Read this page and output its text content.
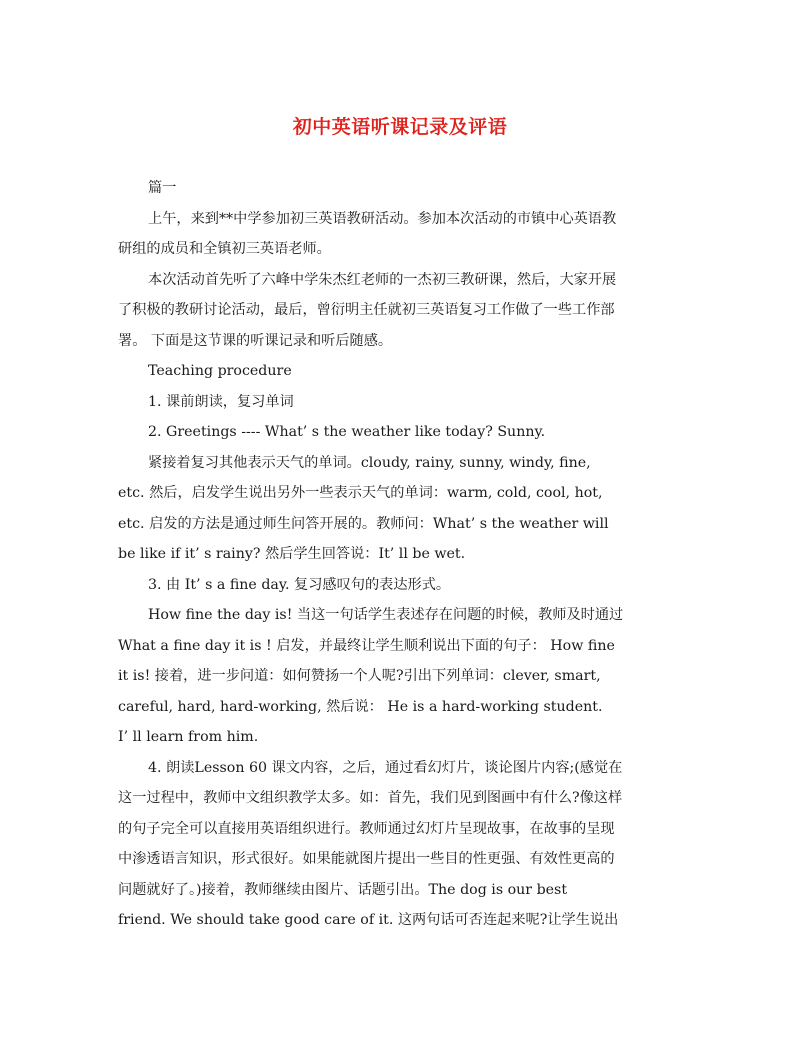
初中英语听课记录及评语
篇一
上午，来到**中学参加初三英语教研活动。参加本次活动的市镇中心英语教
研组的成员和全镇初三英语老师。
本次活动首先听了六峰中学朱杰红老师的一杰初三教研课，然后，大家开展
了积极的教研讨论活动，最后，曾衍明主任就初三英语复习工作做了一些工作部
署。 下面是这节课的听课记录和听后随感。
Teaching procedure
1. 课前朗读，复习单词
2. Greetings ---- What’ s the weather like today? Sunny.
紧接着复习其他表示天气的单词。cloudy, rainy, sunny, windy, fine,
etc. 然后，启发学生说出另外一些表示天气的单词：warm, cold, cool, hot,
etc. 启发的方法是通过师生问答开展的。教师问：What’ s the weather will
be like if it’ s rainy? 然后学生回答说：It’ ll be wet.
3. 由 It’ s a fine day. 复习感叹句的表达形式。
How fine the day is! 当这一句话学生表述存在问题的时候，教师及时通过
What a fine day it is ! 启发，并最终让学生顺利说出下面的句子： How fine
it is! 接着，进一步问道：如何赞扬一个人呢?引出下列单词：clever, smart,
careful, hard, hard-working, 然后说： He is a hard-working student.
I’ ll learn from him.
4. 朗读Lesson 60 课文内容，之后，通过看幻灯片，谈论图片内容;(感觉在
这一过程中，教师中文组织教学太多。如：首先，我们见到图画中有什么?像这样
的句子完全可以直接用英语组织进行。教师通过幻灯片呈现故事，在故事的呈现
中渗透语言知识，形式很好。如果能就图片提出一些目的性更强、有效性更高的
问题就好了。)接着，教师继续由图片、话题引出。The dog is our best
friend. We should take good care of it. 这两句话可否连起来呢?让学生说出
